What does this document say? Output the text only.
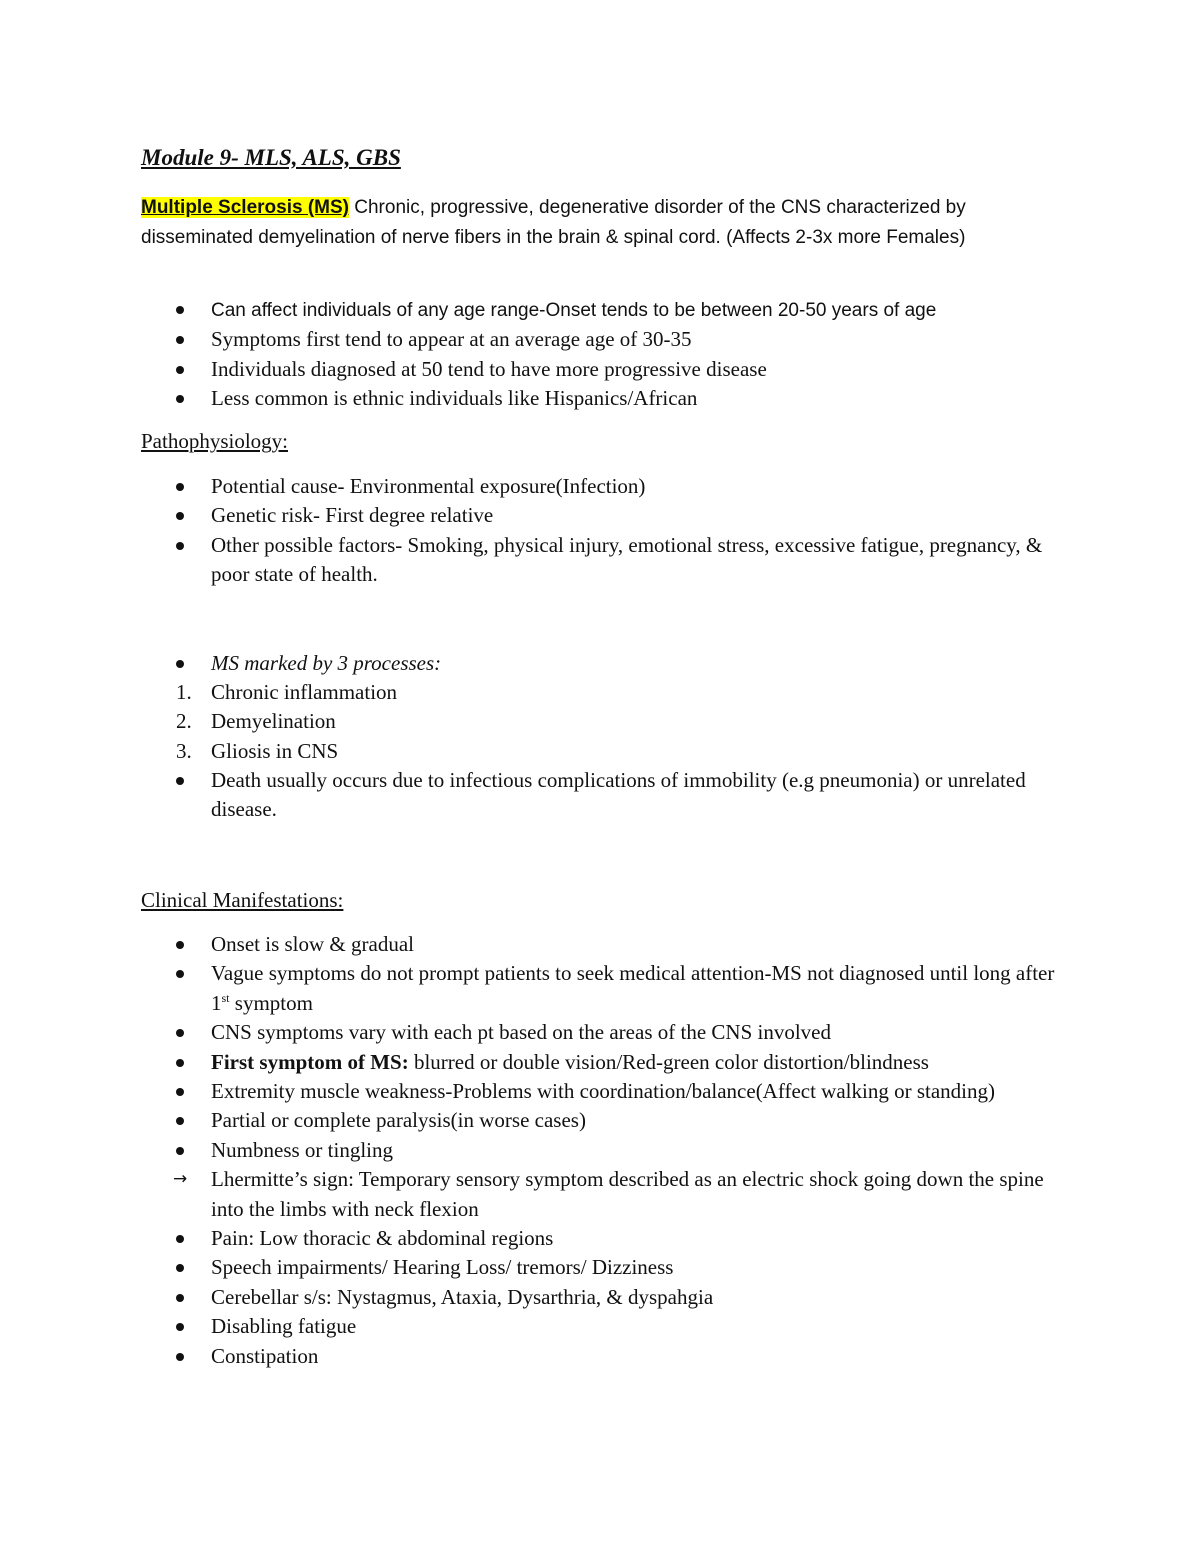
Module 9- MLS, ALS, GBS
Multiple Sclerosis (MS) Chronic, progressive, degenerative disorder of the CNS characterized by disseminated demyelination of nerve fibers in the brain & spinal cord. (Affects 2-3x more Females)
Can affect individuals of any age range-Onset tends to be between 20-50 years of age
Symptoms first tend to appear at an average age of 30-35
Individuals diagnosed at 50 tend to have more progressive disease
Less common is ethnic individuals like Hispanics/African
Pathophysiology:
Potential cause- Environmental exposure(Infection)
Genetic risk- First degree relative
Other possible factors- Smoking, physical injury, emotional stress, excessive fatigue, pregnancy, & poor state of health.
MS marked by 3 processes:
1. Chronic inflammation
2. Demyelination
3. Gliosis in CNS
Death usually occurs due to infectious complications of immobility (e.g pneumonia) or unrelated disease.
Clinical Manifestations:
Onset is slow & gradual
Vague symptoms do not prompt patients to seek medical attention-MS not diagnosed until long after 1st symptom
CNS symptoms vary with each pt based on the areas of the CNS involved
First symptom of MS: blurred or double vision/Red-green color distortion/blindness
Extremity muscle weakness-Problems with coordination/balance(Affect walking or standing)
Partial or complete paralysis(in worse cases)
Numbness or tingling
→ Lhermitte’s sign: Temporary sensory symptom described as an electric shock going down the spine into the limbs with neck flexion
Pain: Low thoracic & abdominal regions
Speech impairments/ Hearing Loss/ tremors/ Dizziness
Cerebellar s/s: Nystagmus, Ataxia, Dysarthria, & dyspahgia
Disabling fatigue
Constipation
